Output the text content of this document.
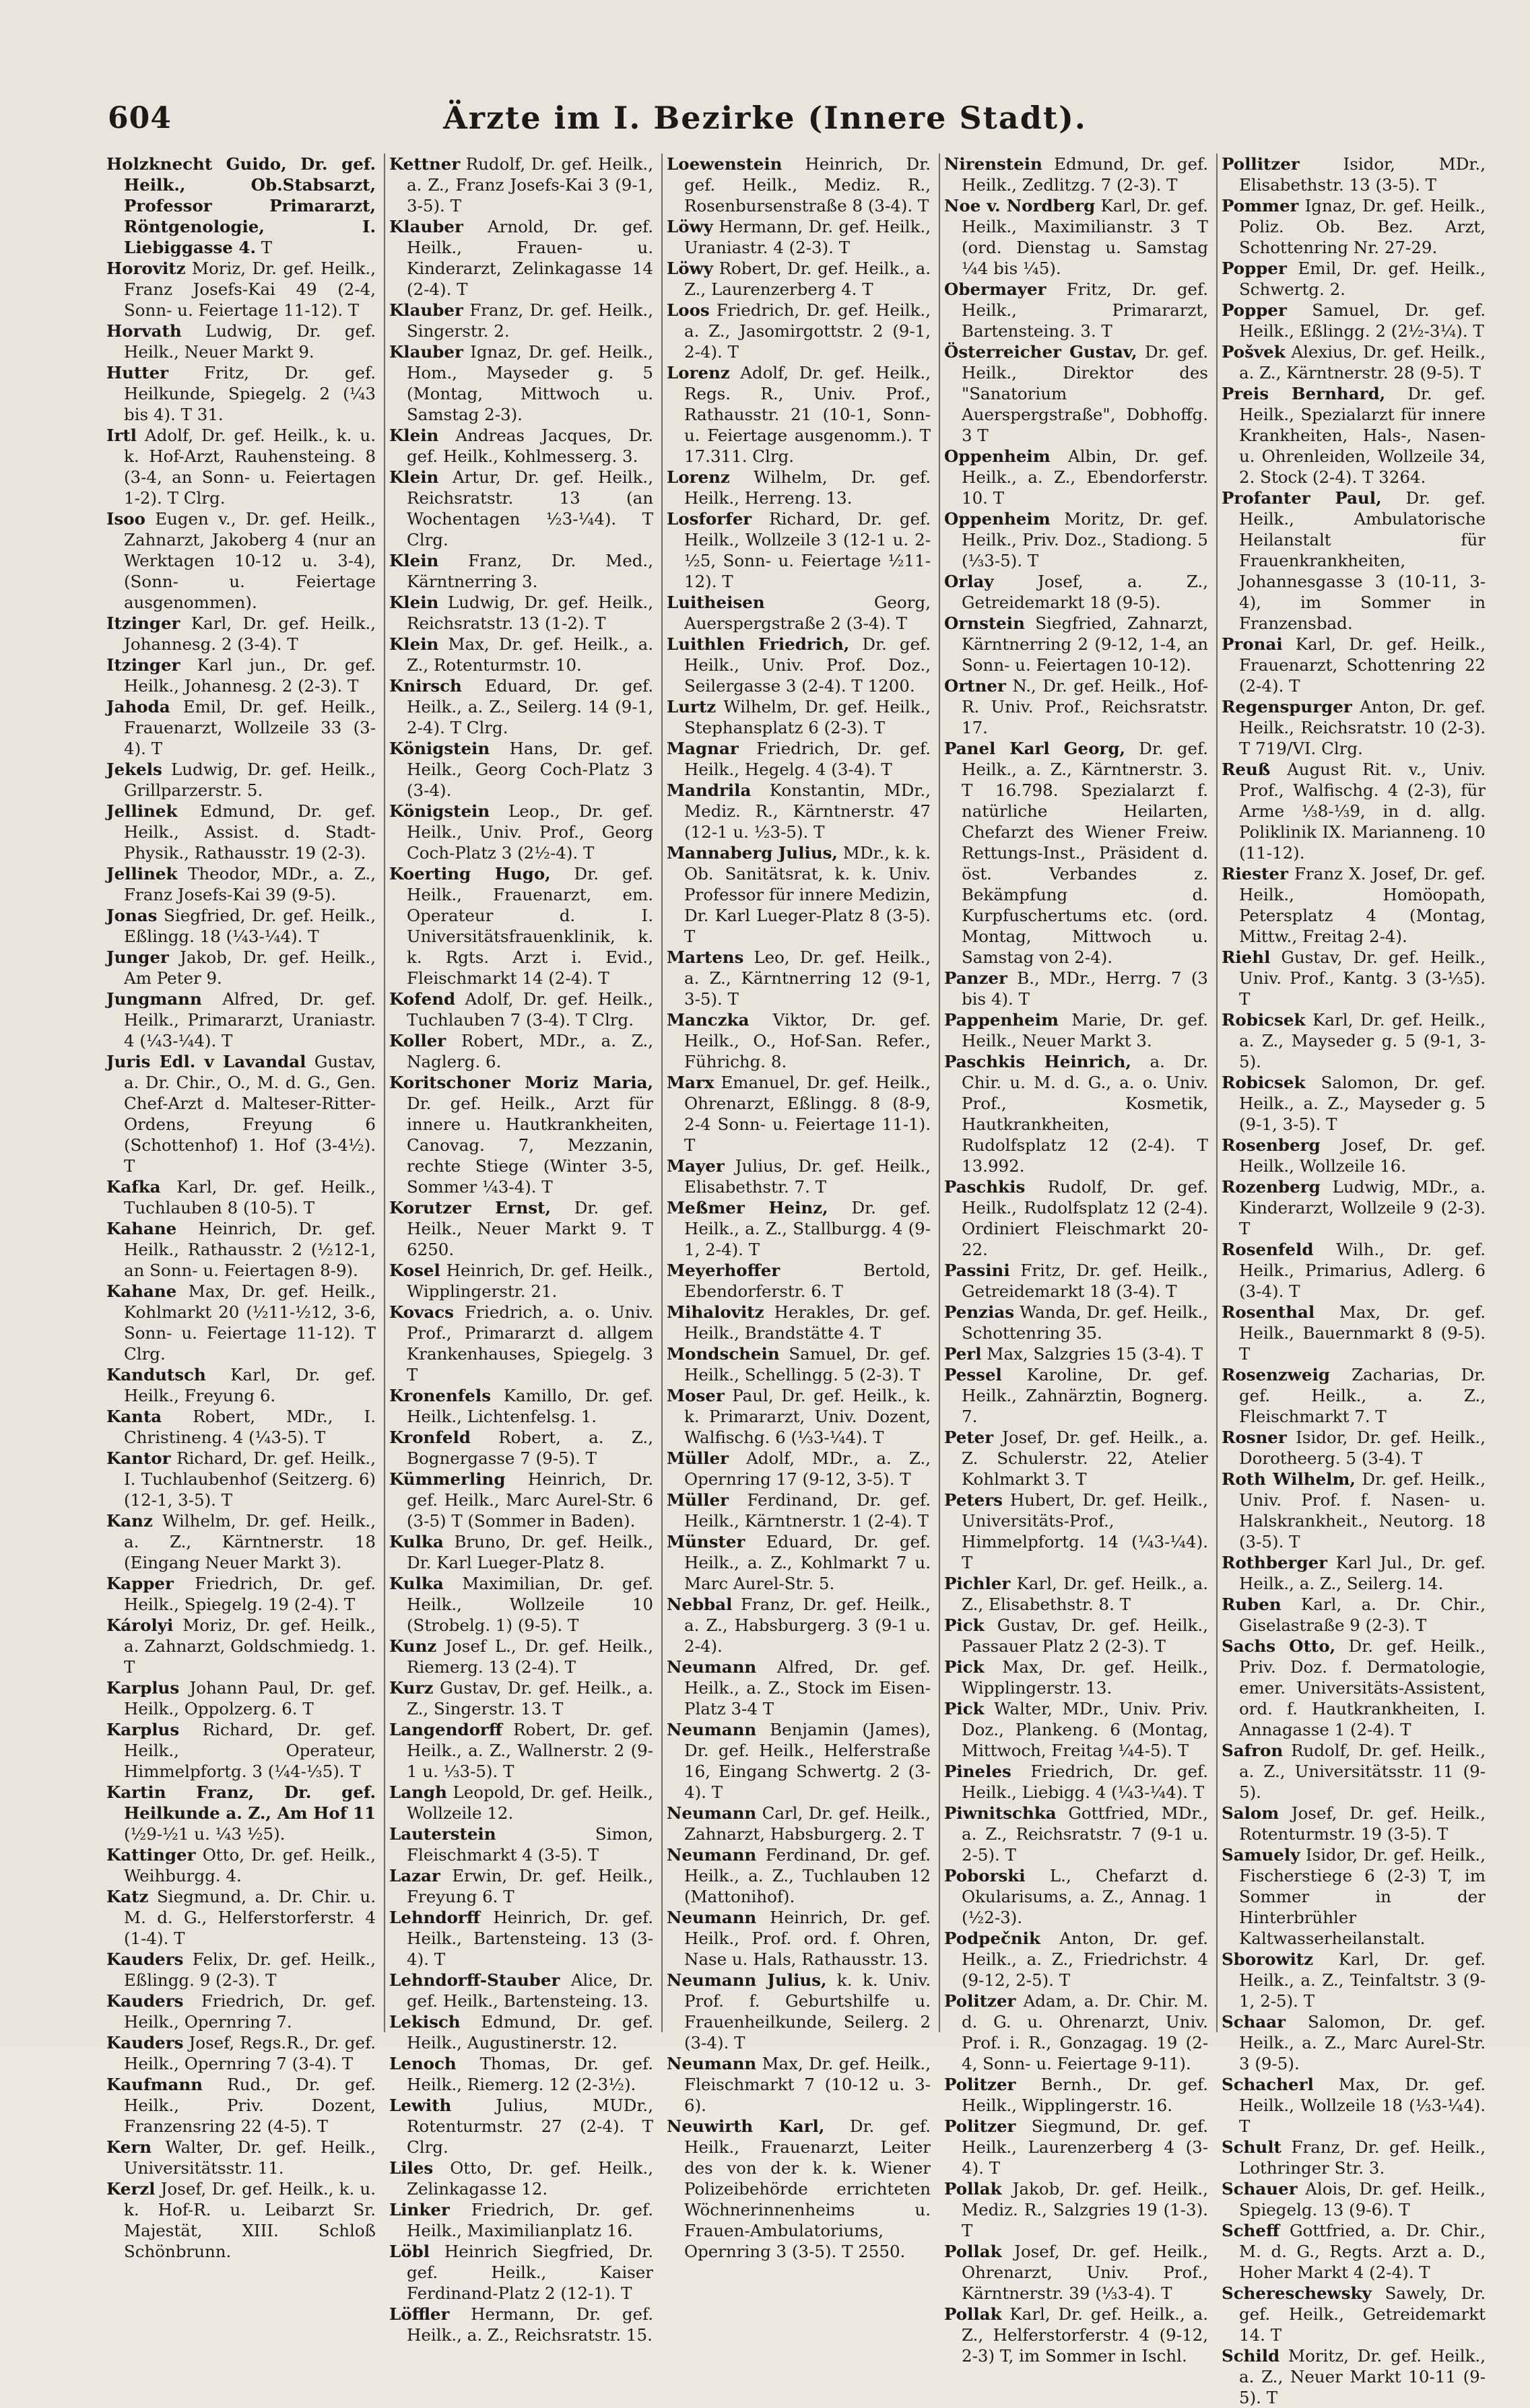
604	Ärzte im I. Bezirke (Innere Stadt).
Holzknecht Guido, Dr. gef. Heilk., Ob.Stabsarzt, Professor Primararzt, Röntgenologie, I. Liebiggasse 4. T
Horovitz Moriz, Dr. gef. Heilk., Franz Josefs-Kai 49 (2-4, Sonn- u. Feiertage 11-12). T
Horvath Ludwig, Dr. gef. Heilk., Neuer Markt 9.
Hutter Fritz, Dr. gef. Heilkunde, Spiegelg. 2 (¼3 bis 4). T 31.
Irtl Adolf, Dr. gef. Heilk., k. u. k. Hof-Arzt, Rauhensteing. 8 (3-4, an Sonn- u. Feiertagen 1-2). T Clrg.
Isoo Eugen v., Dr. gef. Heilk., Zahnarzt, Jakoberg 4 (nur an Werktagen 10-12 u. 3-4), (Sonn- u. Feiertage ausgenommen).
Itzinger Karl, Dr. gef. Heilk., Johannesg. 2 (3-4). T
Itzinger Karl jun., Dr. gef. Heilk., Johannesg. 2 (2-3). T
Jahoda Emil, Dr. gef. Heilk., Frauenarzt, Wollzeile 33 (3-4). T
Jekels Ludwig, Dr. gef. Heilk., Grillparzerstr. 5.
Jellinek Edmund, Dr. gef. Heilk., Assist. d. Stadt-Physik., Rathausstr. 19 (2-3).
Jellinek Theodor, MDr., a. Z., Franz Josefs-Kai 39 (9-5).
Jonas Siegfried, Dr. gef. Heilk., Eßlingg. 18 (¼3-¼4). T
Junger Jakob, Dr. gef. Heilk., Am Peter 9.
Jungmann Alfred, Dr. gef. Heilk., Primararzt, Uraniastr. 4 (¼3-¼4). T
Juris Edl. v Lavandal Gustav, a. Dr. Chir., O., M. d. G., Gen. Chef-Arzt d. Malteser-Ritter-Ordens, Freyung 6 (Schottenhof) 1. Hof (3-4½). T
Kafka Karl, Dr. gef. Heilk., Tuchlauben 8 (10-5). T
Kahane Heinrich, Dr. gef. Heilk., Rathausstr. 2 (½12-1, an Sonn- u. Feiertagen 8-9).
Kahane Max, Dr. gef. Heilk., Kohlmarkt 20 (½11-½12, 3-6, Sonn- u. Feiertage 11-12). T Clrg.
Kandutsch Karl, Dr. gef. Heilk., Freyung 6.
Kanta Robert, MDr., I. Christineng. 4 (¼3-5). T
Kantor Richard, Dr. gef. Heilk., I. Tuchlaubenhof (Seitzerg. 6) (12-1, 3-5). T
Kanz Wilhelm, Dr. gef. Heilk., a. Z., Kärntnerstr. 18 (Eingang Neuer Markt 3).
Kapper Friedrich, Dr. gef. Heilk., Spiegelg. 19 (2-4). T
Károlyi Moriz, Dr. gef. Heilk., a. Zahnarzt, Goldschmiedg. 1. T
Karplus Johann Paul, Dr. gef. Heilk., Oppolzerg. 6. T
Karplus Richard, Dr. gef. Heilk., Operateur, Himmelpfortg. 3 (¼4-⅓5). T
Kartin Franz, Dr. gef. Heilkunde a. Z., Am Hof 11 (½9-½1 u. ¼3 ½5).
Kattinger Otto, Dr. gef. Heilk., Weihburgg. 4.
Katz Siegmund, a. Dr. Chir. u. M. d. G., Helferstorferstr. 4 (1-4). T
Kauders Felix, Dr. gef. Heilk., Eßlingg. 9 (2-3). T
Kauders Friedrich, Dr. gef. Heilk., Opernring 7.
Kauders Josef, Regs.R., Dr. gef. Heilk., Opernring 7 (3-4). T
Kaufmann Rud., Dr. gef. Heilk., Priv. Dozent, Franzensring 22 (4-5). T
Kern Walter, Dr. gef. Heilk., Universitätsstr. 11.
Kerzl Josef, Dr. gef. Heilk., k. u. k. Hof-R. u. Leibarzt Sr. Majestät, XIII. Schloß Schönbrunn.
Kettner Rudolf, Dr. gef. Heilk., a. Z., Franz Josefs-Kai 3 (9-1, 3-5). T
Klauber Arnold, Dr. gef. Heilk., Frauen- u. Kinderarzt, Zelinkagasse 14 (2-4). T
Klauber Franz, Dr. gef. Heilk., Singerstr. 2.
Klauber Ignaz, Dr. gef. Heilk., Hom., Mayseder g. 5 (Montag, Mittwoch u. Samstag 2-3).
Klein Andreas Jacques, Dr. gef. Heilk., Kohlmesserg. 3.
Klein Artur, Dr. gef. Heilk., Reichsratstr. 13 (an Wochentagen ½3-¼4). T Clrg.
Klein Franz, Dr. Med., Kärntnerring 3.
Klein Ludwig, Dr. gef. Heilk., Reichsratstr. 13 (1-2). T
Klein Max, Dr. gef. Heilk., a. Z., Rotenturmstr. 10.
Knirsch Eduard, Dr. gef. Heilk., a. Z., Seilerg. 14 (9-1, 2-4). T Clrg.
Königstein Hans, Dr. gef. Heilk., Georg Coch-Platz 3 (3-4).
Königstein Leop., Dr. gef. Heilk., Univ. Prof., Georg Coch-Platz 3 (2½-4). T
Koerting Hugo, Dr. gef. Heilk., Frauenarzt, em. Operateur d. I. Universitätsfrauenklinik, k. k. Rgts. Arzt i. Evid., Fleischmarkt 14 (2-4). T
Kofend Adolf, Dr. gef. Heilk., Tuchlauben 7 (3-4). T Clrg.
Koller Robert, MDr., a. Z., Naglerg. 6.
Koritschoner Moriz Maria, Dr. gef. Heilk., Arzt für innere u. Hautkrankheiten, Canovag. 7, Mezzanin, rechte Stiege (Winter 3-5, Sommer ¼3-4). T
Korutzer Ernst, Dr. gef. Heilk., Neuer Markt 9. T 6250.
Kosel Heinrich, Dr. gef. Heilk., Wipplingerstr. 21.
Kovacs Friedrich, a. o. Univ. Prof., Primararzt d. allgem Krankenhauses, Spiegelg. 3 T
Kronenfels Kamillo, Dr. gef. Heilk., Lichtenfelsg. 1.
Kronfeld Robert, a. Z., Bognergasse 7 (9-5). T
Kümmerling Heinrich, Dr. gef. Heilk., Marc Aurel-Str. 6 (3-5) T (Sommer in Baden).
Kulka Bruno, Dr. gef. Heilk., Dr. Karl Lueger-Platz 8.
Kulka Maximilian, Dr. gef. Heilk., Wollzeile 10 (Strobelg. 1) (9-5). T
Kunz Josef L., Dr. gef. Heilk., Riemerg. 13 (2-4). T
Kurz Gustav, Dr. gef. Heilk., a. Z., Singerstr. 13. T
Langendorff Robert, Dr. gef. Heilk., a. Z., Wallnerstr. 2 (9-1 u. ⅓3-5). T
Langh Leopold, Dr. gef. Heilk., Wollzeile 12.
Lauterstein Simon, Fleischmarkt 4 (3-5). T
Lazar Erwin, Dr. gef. Heilk., Freyung 6. T
Lehndorff Heinrich, Dr. gef. Heilk., Bartensteing. 13 (3-4). T
Lehndorff-Stauber Alice, Dr. gef. Heilk., Bartensteing. 13.
Lekisch Edmund, Dr. gef. Heilk., Augustinerstr. 12.
Lenoch Thomas, Dr. gef. Heilk., Riemerg. 12 (2-3½).
Lewith Julius, MUDr., Rotenturmstr. 27 (2-4). T Clrg.
Liles Otto, Dr. gef. Heilk., Zelinkagasse 12.
Linker Friedrich, Dr. gef. Heilk., Maximilianplatz 16.
Löbl Heinrich Siegfried, Dr. gef. Heilk., Kaiser Ferdinand-Platz 2 (12-1). T
Löffler Hermann, Dr. gef. Heilk., a. Z., Reichsratstr. 15.
Loewenstein Heinrich, Dr. gef. Heilk., Mediz. R., Rosenbursenstraße 8 (3-4). T
Löwy Hermann, Dr. gef. Heilk., Uraniastr. 4 (2-3). T
Löwy Robert, Dr. gef. Heilk., a. Z., Laurenzerberg 4. T
Loos Friedrich, Dr. gef. Heilk., a. Z., Jasomirgottstr. 2 (9-1, 2-4). T
Lorenz Adolf, Dr. gef. Heilk., Regs. R., Univ. Prof., Rathausstr. 21 (10-1, Sonn- u. Feiertage ausgenomm.). T 17.311. Clrg.
Lorenz Wilhelm, Dr. gef. Heilk., Herreng. 13.
Losforfer Richard, Dr. gef. Heilk., Wollzeile 3 (12-1 u. 2-½5, Sonn- u. Feiertage ½11-12). T
Luitheisen Georg, Auerspergstraße 2 (3-4). T
Luithlen Friedrich, Dr. gef. Heilk., Univ. Prof. Doz., Seilergasse 3 (2-4). T 1200.
Lurtz Wilhelm, Dr. gef. Heilk., Stephansplatz 6 (2-3). T
Magnar Friedrich, Dr. gef. Heilk., Hegelg. 4 (3-4). T
Mandrila Konstantin, MDr., Mediz. R., Kärntnerstr. 47 (12-1 u. ½3-5). T
Mannaberg Julius, MDr., k. k. Ob. Sanitätsrat, k. k. Univ. Professor für innere Medizin, Dr. Karl Lueger-Platz 8 (3-5). T
Martens Leo, Dr. gef. Heilk., a. Z., Kärntnerring 12 (9-1, 3-5). T
Manczka Viktor, Dr. gef. Heilk., O., Hof-San. Refer., Führichg. 8.
Marx Emanuel, Dr. gef. Heilk., Ohrenarzt, Eßlingg. 8 (8-9, 2-4 Sonn- u. Feiertage 11-1). T
Mayer Julius, Dr. gef. Heilk., Elisabethstr. 7. T
Meßmer Heinz, Dr. gef. Heilk., a. Z., Stallburgg. 4 (9-1, 2-4). T
Meyerhoffer Bertold, Ebendorferstr. 6. T
Mihalovitz Herakles, Dr. gef. Heilk., Brandstätte 4. T
Mondschein Samuel, Dr. gef. Heilk., Schellingg. 5 (2-3). T
Moser Paul, Dr. gef. Heilk., k. k. Primararzt, Univ. Dozent, Walfischg. 6 (⅓3-¼4). T
Müller Adolf, MDr., a. Z., Opernring 17 (9-12, 3-5). T
Müller Ferdinand, Dr. gef. Heilk., Kärntnerstr. 1 (2-4). T
Münster Eduard, Dr. gef. Heilk., a. Z., Kohlmarkt 7 u. Marc Aurel-Str. 5.
Nebbal Franz, Dr. gef. Heilk., a. Z., Habsburgerg. 3 (9-1 u. 2-4).
Neumann Alfred, Dr. gef. Heilk., a. Z., Stock im Eisen-Platz 3-4 T
Neumann Benjamin (James), Dr. gef. Heilk., Helferstraße 16, Eingang Schwertg. 2 (3-4). T
Neumann Carl, Dr. gef. Heilk., Zahnarzt, Habsburgerg. 2. T
Neumann Ferdinand, Dr. gef. Heilk., a. Z., Tuchlauben 12 (Mattonihof).
Neumann Heinrich, Dr. gef. Heilk., Prof. ord. f. Ohren, Nase u. Hals, Rathausstr. 13.
Neumann Julius, k. k. Univ. Prof. f. Geburtshilfe u. Frauenheilkunde, Seilerg. 2 (3-4). T
Neumann Max, Dr. gef. Heilk., Fleischmarkt 7 (10-12 u. 3-6).
Neuwirth Karl, Dr. gef. Heilk., Frauenarzt, Leiter des von der k. k. Wiener Polizeibehörde errichteten Wöchnerinnenheims u. Frauen-Ambulatoriums, Opernring 3 (3-5). T 2550.
Nirenstein Edmund, Dr. gef. Heilk., Zedlitzg. 7 (2-3). T
Noe v. Nordberg Karl, Dr. gef. Heilk., Maximilianstr. 3 T (ord. Dienstag u. Samstag ¼4 bis ¼5).
Obermayer Fritz, Dr. gef. Heilk., Primararzt, Bartensteing. 3. T
Österreicher Gustav, Dr. gef. Heilk., Direktor des "Sanatorium Auerspergstraße", Dobhoffg. 3 T
Oppenheim Albin, Dr. gef. Heilk., a. Z., Ebendorferstr. 10. T
Oppenheim Moritz, Dr. gef. Heilk., Priv. Doz., Stadiong. 5 (⅓3-5). T
Orlay Josef, a. Z., Getreidemarkt 18 (9-5).
Ornstein Siegfried, Zahnarzt, Kärntnerring 2 (9-12, 1-4, an Sonn- u. Feiertagen 10-12).
Ortner N., Dr. gef. Heilk., Hof-R. Univ. Prof., Reichsratstr. 17.
Panel Karl Georg, Dr. gef. Heilk., a. Z., Kärntnerstr. 3. T 16.798. Spezialarzt f. natürliche Heilarten, Chefarzt des Wiener Freiw. Rettungs-Inst., Präsident d. öst. Verbandes z. Bekämpfung d. Kurpfuschertums etc. (ord. Montag, Mittwoch u. Samstag von 2-4).
Panzer B., MDr., Herrg. 7 (3 bis 4). T
Pappenheim Marie, Dr. gef. Heilk., Neuer Markt 3.
Paschkis Heinrich, a. Dr. Chir. u. M. d. G., a. o. Univ. Prof., Kosmetik, Hautkrankheiten, Rudolfsplatz 12 (2-4). T 13.992.
Paschkis Rudolf, Dr. gef. Heilk., Rudolfsplatz 12 (2-4). Ordiniert Fleischmarkt 20-22.
Passini Fritz, Dr. gef. Heilk., Getreidemarkt 18 (3-4). T
Penzias Wanda, Dr. gef. Heilk., Schottenring 35.
Perl Max, Salzgries 15 (3-4). T
Pessel Karoline, Dr. gef. Heilk., Zahnärztin, Bognerg. 7.
Peter Josef, Dr. gef. Heilk., a. Z. Schulerstr. 22, Atelier Kohlmarkt 3. T
Peters Hubert, Dr. gef. Heilk., Universitäts-Prof., Himmelpfortg. 14 (¼3-¼4). T
Pichler Karl, Dr. gef. Heilk., a. Z., Elisabethstr. 8. T
Pick Gustav, Dr. gef. Heilk., Passauer Platz 2 (2-3). T
Pick Max, Dr. gef. Heilk., Wipplingerstr. 13.
Pick Walter, MDr., Univ. Priv. Doz., Plankeng. 6 (Montag, Mittwoch, Freitag ¼4-5). T
Pineles Friedrich, Dr. gef. Heilk., Liebigg. 4 (¼3-¼4). T
Piwnitschka Gottfried, MDr., a. Z., Reichsratstr. 7 (9-1 u. 2-5). T
Poborski L., Chefarzt d. Okularisums, a. Z., Annag. 1 (½2-3).
Podpečnik Anton, Dr. gef. Heilk., a. Z., Friedrichstr. 4 (9-12, 2-5). T
Politzer Adam, a. Dr. Chir. M. d. G. u. Ohrenarzt, Univ. Prof. i. R., Gonzagag. 19 (2-4, Sonn- u. Feiertage 9-11).
Politzer Bernh., Dr. gef. Heilk., Wipplingerstr. 16.
Politzer Siegmund, Dr. gef. Heilk., Laurenzerberg 4 (3-4). T
Pollak Jakob, Dr. gef. Heilk., Mediz. R., Salzgries 19 (1-3). T
Pollak Josef, Dr. gef. Heilk., Ohrenarzt, Univ. Prof., Kärntnerstr. 39 (⅓3-4). T
Pollak Karl, Dr. gef. Heilk., a. Z., Helferstorferstr. 4 (9-12, 2-3) T, im Sommer in Ischl.
Pollitzer Isidor, MDr., Elisabethstr. 13 (3-5). T
Pommer Ignaz, Dr. gef. Heilk., Poliz. Ob. Bez. Arzt, Schottenring Nr. 27-29.
Popper Emil, Dr. gef. Heilk., Schwertg. 2.
Popper Samuel, Dr. gef. Heilk., Eßlingg. 2 (2½-3¼). T
Pošvek Alexius, Dr. gef. Heilk., a. Z., Kärntnerstr. 28 (9-5). T
Preis Bernhard, Dr. gef. Heilk., Spezialarzt für innere Krankheiten, Hals-, Nasen- u. Ohrenleiden, Wollzeile 34, 2. Stock (2-4). T 3264.
Profanter Paul, Dr. gef. Heilk., Ambulatorische Heilanstalt für Frauenkrankheiten, Johannesgasse 3 (10-11, 3-4), im Sommer in Franzensbad.
Pronai Karl, Dr. gef. Heilk., Frauenarzt, Schottenring 22 (2-4). T
Regenspurger Anton, Dr. gef. Heilk., Reichsratstr. 10 (2-3). T 719/VI. Clrg.
Reuß August Rit. v., Univ. Prof., Walfischg. 4 (2-3), für Arme ⅓8-⅓9, in d. allg. Poliklinik IX. Marianneng. 10 (11-12).
Riester Franz X. Josef, Dr. gef. Heilk., Homöopath, Petersplatz 4 (Montag, Mittw., Freitag 2-4).
Riehl Gustav, Dr. gef. Heilk., Univ. Prof., Kantg. 3 (3-⅓5). T
Robicsek Karl, Dr. gef. Heilk., a. Z., Mayseder g. 5 (9-1, 3-5).
Robicsek Salomon, Dr. gef. Heilk., a. Z., Mayseder g. 5 (9-1, 3-5). T
Rosenberg Josef, Dr. gef. Heilk., Wollzeile 16.
Rozenberg Ludwig, MDr., a. Kinderarzt, Wollzeile 9 (2-3). T
Rosenfeld Wilh., Dr. gef. Heilk., Primarius, Adlerg. 6 (3-4). T
Rosenthal Max, Dr. gef. Heilk., Bauernmarkt 8 (9-5). T
Rosenzweig Zacharias, Dr. gef. Heilk., a. Z., Fleischmarkt 7. T
Rosner Isidor, Dr. gef. Heilk., Dorotheerg. 5 (3-4). T
Roth Wilhelm, Dr. gef. Heilk., Univ. Prof. f. Nasen- u. Halskrankheit., Neutorg. 18 (3-5). T
Rothberger Karl Jul., Dr. gef. Heilk., a. Z., Seilerg. 14.
Ruben Karl, a. Dr. Chir., Giselastraße 9 (2-3). T
Sachs Otto, Dr. gef. Heilk., Priv. Doz. f. Dermatologie, emer. Universitäts-Assistent, ord. f. Hautkrankheiten, I. Annagasse 1 (2-4). T
Safron Rudolf, Dr. gef. Heilk., a. Z., Universitätsstr. 11 (9-5).
Salom Josef, Dr. gef. Heilk., Rotenturmstr. 19 (3-5). T
Samuely Isidor, Dr. gef. Heilk., Fischerstiege 6 (2-3) T, im Sommer in der Hinterbrühler Kaltwasserheilanstalt.
Sborowitz Karl, Dr. gef. Heilk., a. Z., Teinfaltstr. 3 (9-1, 2-5). T
Schaar Salomon, Dr. gef. Heilk., a. Z., Marc Aurel-Str. 3 (9-5).
Schacherl Max, Dr. gef. Heilk., Wollzeile 18 (⅓3-¼4). T
Schult Franz, Dr. gef. Heilk., Lothringer Str. 3.
Schauer Alois, Dr. gef. Heilk., Spiegelg. 13 (9-6). T
Scheff Gottfried, a. Dr. Chir., M. d. G., Regts. Arzt a. D., Hoher Markt 4 (2-4). T
Schereschewsky Sawely, Dr. gef. Heilk., Getreidemarkt 14. T
Schild Moritz, Dr. gef. Heilk., a. Z., Neuer Markt 10-11 (9-5). T
